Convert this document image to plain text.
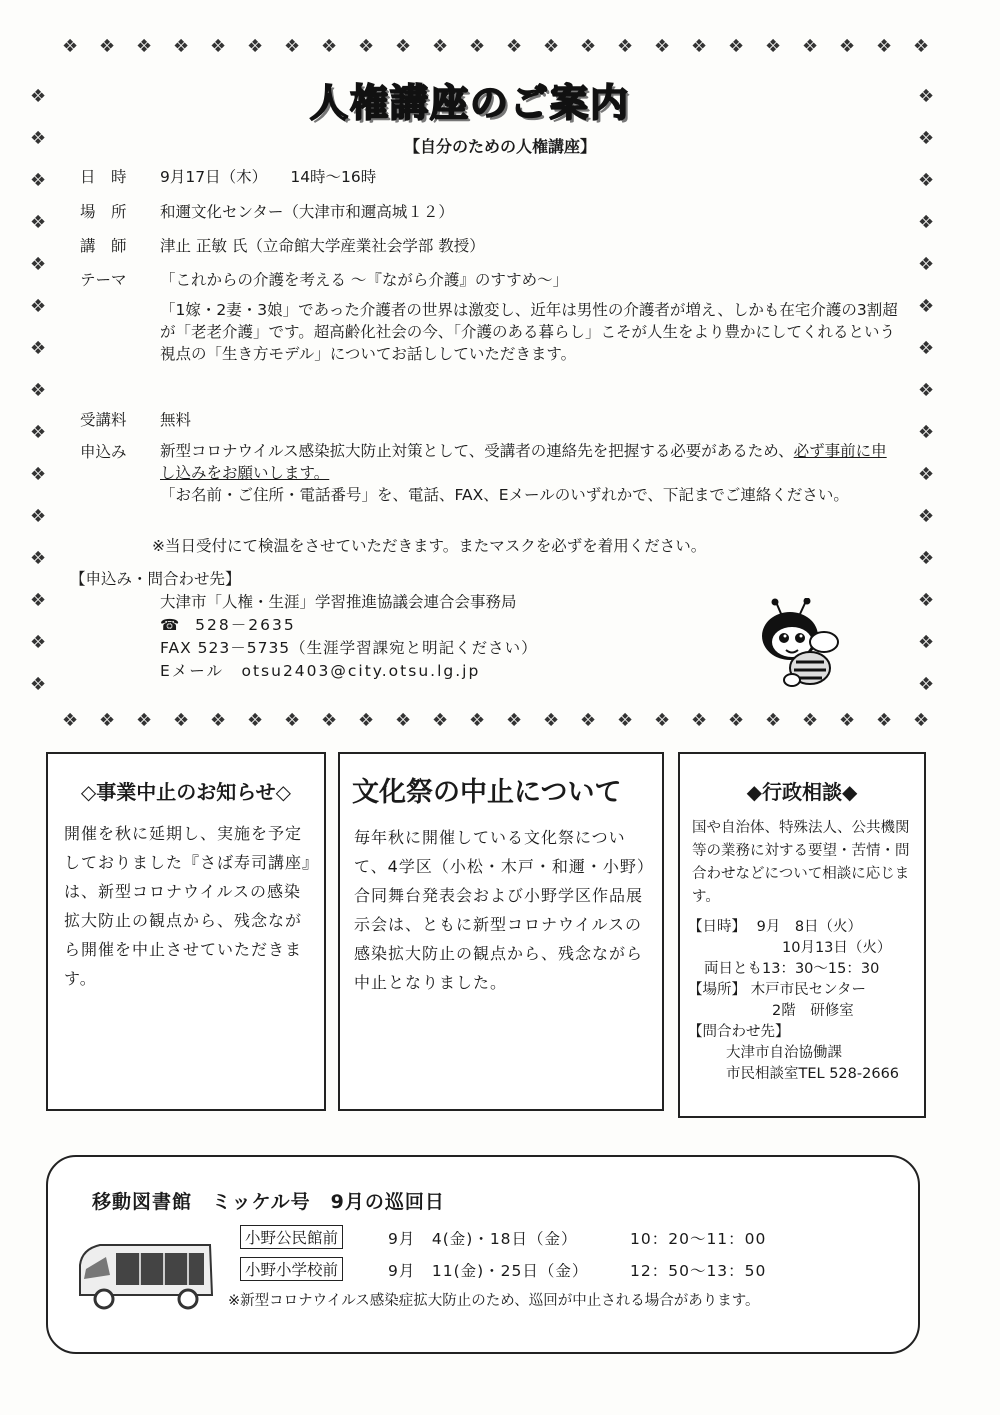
❖
❖
❖
❖
❖
❖
❖
❖
❖
❖
❖
❖
❖
❖
❖
❖
❖
❖
❖
❖
❖
❖
❖
❖
❖
❖
❖
❖
❖
❖
❖
❖
❖
❖
❖
❖
❖
❖
❖
❖
❖
❖
❖
❖
❖
❖
❖
❖
❖	❖
❖	❖
❖	❖
❖	❖
❖	❖
❖	❖
❖	❖
❖	❖
❖	❖
❖	❖
❖	❖
❖	❖
❖	❖
❖	❖
❖	❖
人権講座のご案内
【自分のための人権講座】
日　時 9月17日（木）　　14時～16時
場　所 和邇文化センター（大津市和邇高城１２）
講　師 津止 正敏 氏（立命館大学産業社会学部 教授）
テーマ 「これからの介護を考える ～『ながら介護』のすすめ～」
「1嫁・2妻・3娘」であった介護者の世界は激変し、近年は男性の介護者が増え、しかも在宅介護の3割超が「老老介護」です。超高齢化社会の今、「介護のある暮らし」こそが人生をより豊かにしてくれるという視点の「生き方モデル」についてお話ししていただきます。
受講料 無料
申込み 新型コロナウイルス感染拡大防止対策として、受講者の連絡先を把握する必要があるため、必ず事前に申し込みをお願いします。
「お名前・ご住所・電話番号」を、電話、FAX、Eメールのいずれかで、下記までご連絡ください。
※当日受付にて検温をさせていただきます。またマスクを必ずを着用ください。
【申込み・問合わせ先】
大津市「人権・生涯」学習推進協議会連合会事務局
☎ 528－2635
FAX 523－5735（生涯学習課宛と明記ください）
Eメール　otsu2403@city.otsu.lg.jp
◇事業中止のお知らせ◇
開催を秋に延期し、実施を予定しておりました『さば寿司講座』は、新型コロナウイルスの感染拡大防止の観点から、残念ながら開催を中止させていただきます。
文化祭の中止について
毎年秋に開催している文化祭について、4学区（小松・木戸・和邇・小野）合同舞台発表会および小野学区作品展示会は、ともに新型コロナウイルスの感染拡大防止の観点から、残念ながら中止となりました。
◆行政相談◆
国や自治体、特殊法人、公共機関等の業務に対する要望・苦情・問合わせなどについて相談に応じます。
【日時】 9月　8日（火）
10月13日（火）
両日とも13：30～15：30
【場所】 木戸市民センター
2階　研修室
【問合わせ先】
大津市自治協働課
市民相談室TEL 528-2666
移動図書館　ミッケル号　9月の巡回日
小野公民館前	9月　4(金)・18日（金）	10：20～11：00
小野小学校前	9月　11(金)・25日（金）	12：50～13：50
※新型コロナウイルス感染症拡大防止のため、巡回が中止される場合があります。
